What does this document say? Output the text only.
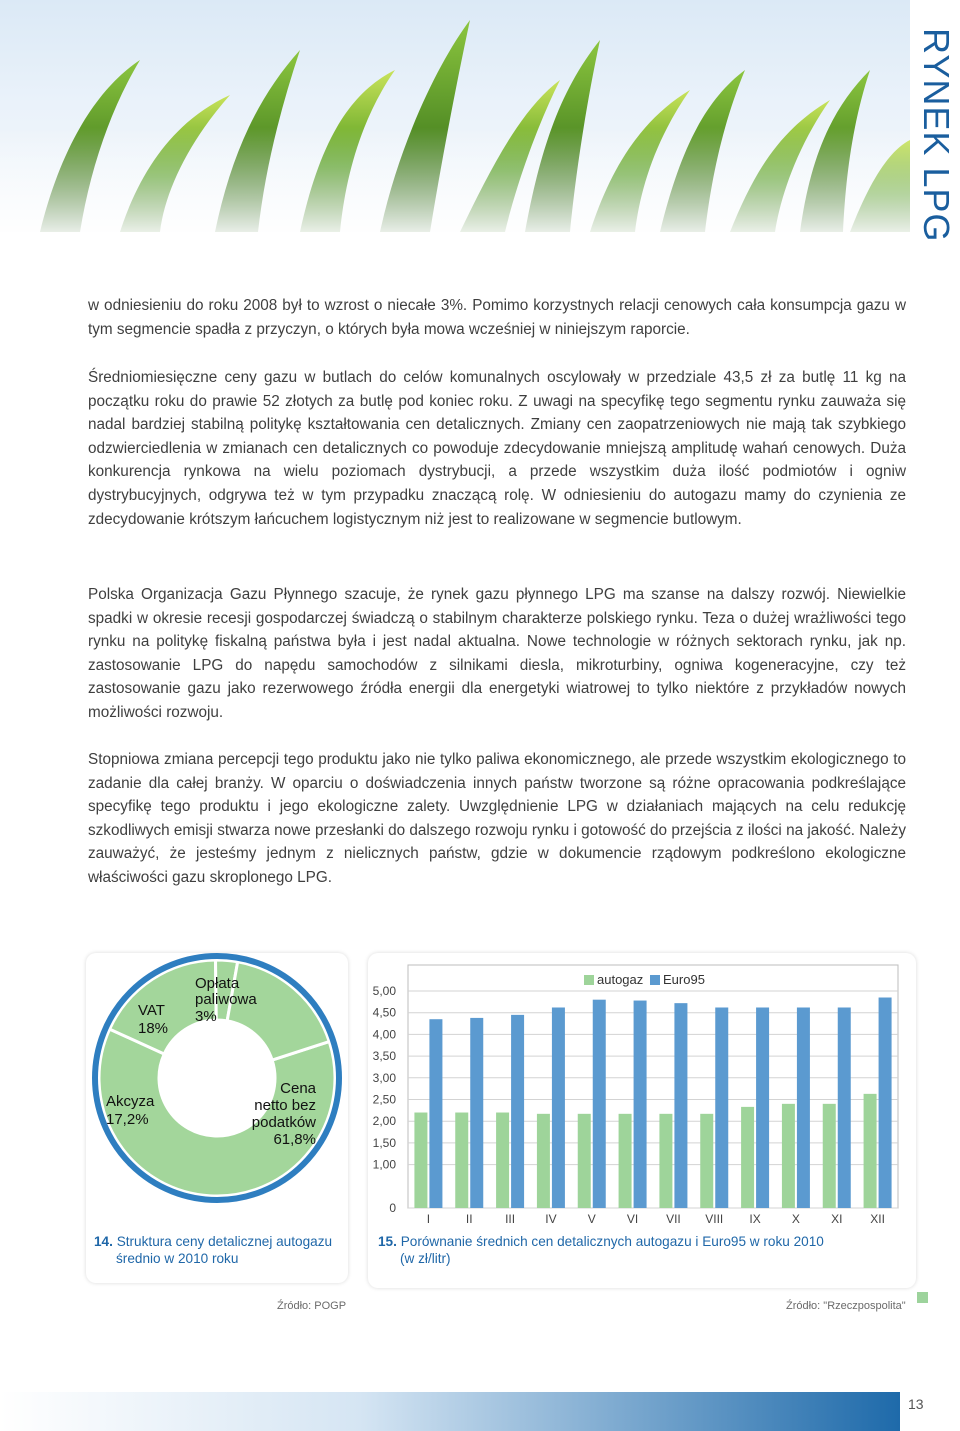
RYNEK LPG
w odniesieniu do roku 2008 był to wzrost o niecałe 3%. Pomimo korzystnych relacji cenowych cała konsumpcja gazu w tym segmencie spadła z przyczyn, o których była mowa wcześniej w niniejszym raporcie.
Średniomiesięczne ceny gazu w butlach do celów komunalnych oscylowały w przedziale 43,5 zł za butlę 11 kg na początku roku do prawie 52 złotych za butlę pod koniec roku. Z uwagi na specyfikę tego segmentu rynku zauważa się nadal bardziej stabilną politykę kształtowania cen detalicznych. Zmiany cen zaopatrzeniowych nie mają tak szybkiego odzwierciedlenia w zmianach cen detalicznych co powoduje zdecydowanie mniejszą amplitudę wahań cenowych. Duża konkurencja rynkowa na wielu poziomach dystrybucji, a przede wszystkim duża ilość podmiotów i ogniw dystrybucyjnych, odgrywa też w tym przypadku znaczącą rolę. W odniesieniu do autogazu mamy do czynienia ze zdecydowanie krótszym łańcuchem logistycznym niż jest to realizowane w segmencie butlowym.
Polska Organizacja Gazu Płynnego szacuje, że rynek gazu płynnego LPG ma szanse na dalszy rozwój. Niewielkie spadki w okresie recesji gospodarczej świadczą o stabilnym charakterze polskiego rynku. Teza o dużej wrażliwości tego rynku na politykę fiskalną państwa była i jest nadal aktualna. Nowe technologie w różnych sektorach rynku, jak np. zastosowanie LPG do napędu samochodów z silnikami diesla, mikroturbiny, ogniwa kogeneracyjne, czy też zastosowanie gazu jako rezerwowego źródła energii dla energetyki wiatrowej to tylko niektóre z przykładów nowych możliwości rozwoju.
Stopniowa zmiana percepcji tego produktu jako nie tylko paliwa ekonomicznego, ale przede wszystkim ekologicznego to zadanie dla całej branży. W oparciu o doświadczenia innych państw tworzone są różne opracowania podkreślające specyfikę tego produktu i jego ekologiczne zalety. Uwzględnienie LPG w działaniach mających na celu redukcję szkodliwych emisji stwarza nowe przesłanki do dalszego rozwoju rynku i gotowość do przejścia z ilości na jakość. Należy zauważyć, że jesteśmy jednym z nielicznych państw, gdzie w dokumencie rządowym podkreślono ekologiczne właściwości gazu skroplonego LPG.
VAT
18%
Opłata
paliwowa
3%
Akcyza
17,2%
Cena
netto bez
podatków
61,8%
14. Struktura ceny detalicznej autogazu
średnio w 2010 roku
Źródło: POGP
0
1,00
1,50
2,00
2,50
3,00
3,50
4,00
4,50
5,00
I	II	III	IV	V	VI VII VIII IX	X	XI XII
autogaz Euro95
15. Porównanie średnich cen detalicznych autogazu i Euro95 w roku 2010
(w zł/litr)
Źródło: "Rzeczpospolita"
13
